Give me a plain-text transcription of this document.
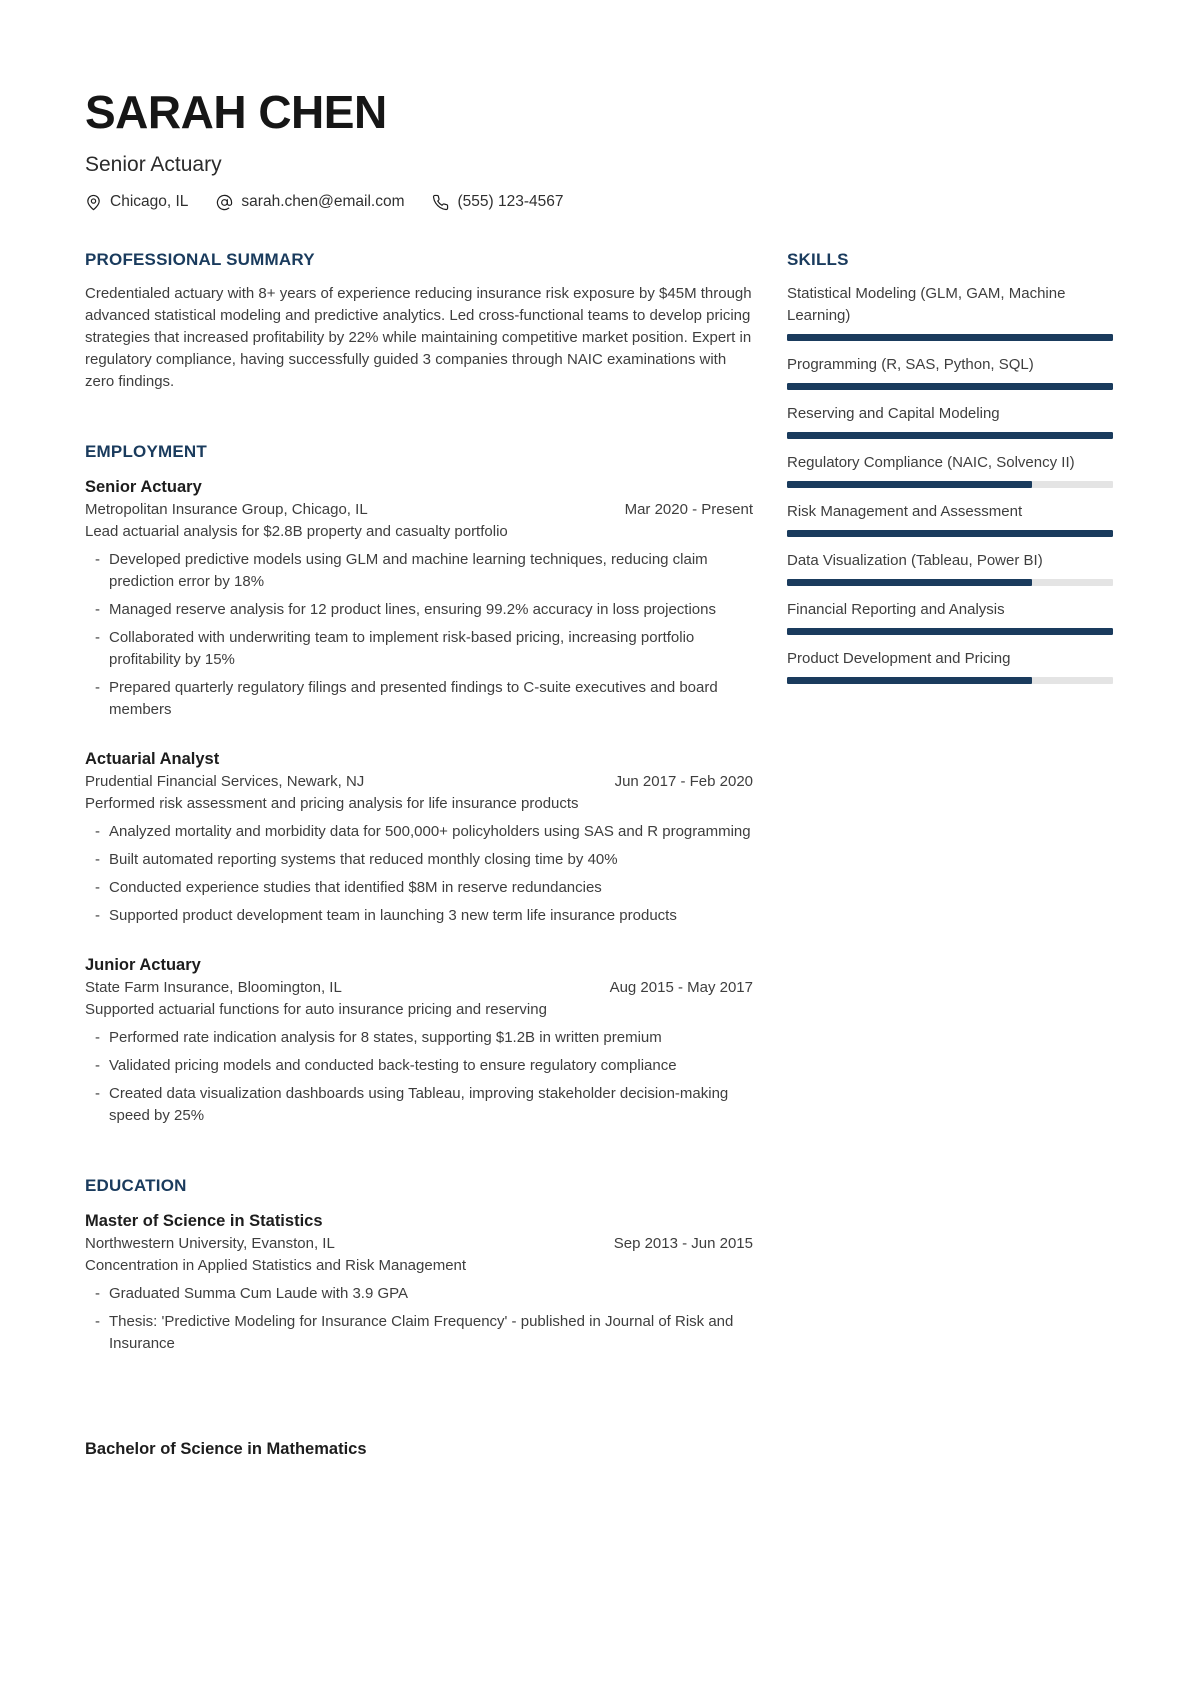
SARAH CHEN
Senior Actuary
Chicago, IL	sarah.chen@email.com	(555) 123-4567
PROFESSIONAL SUMMARY

Credentialed actuary with 8+ years of experience reducing insurance risk exposure by $45M through advanced statistical modeling and predictive analytics. Led cross-functional teams to develop pricing strategies that increased profitability by 22% while maintaining competitive market position. Expert in regulatory compliance, having successfully guided 3 companies through NAIC examinations with zero findings.

EMPLOYMENT
Senior Actuary
Metropolitan Insurance Group, Chicago, IL	Mar 2020 - Present
Lead actuarial analysis for $2.8B property and casualty portfolio
- Developed predictive models using GLM and machine learning techniques, reducing claim prediction error by 18%
- Managed reserve analysis for 12 product lines, ensuring 99.2% accuracy in loss projections
- Collaborated with underwriting team to implement risk-based pricing, increasing portfolio profitability by 15%
- Prepared quarterly regulatory filings and presented findings to C-suite executives and board members
Actuarial Analyst
Prudential Financial Services, Newark, NJ	Jun 2017 - Feb 2020
Performed risk assessment and pricing analysis for life insurance products
- Analyzed mortality and morbidity data for 500,000+ policyholders using SAS and R programming
- Built automated reporting systems that reduced monthly closing time by 40%
- Conducted experience studies that identified $8M in reserve redundancies
- Supported product development team in launching 3 new term life insurance products
Junior Actuary
State Farm Insurance, Bloomington, IL	Aug 2015 - May 2017
Supported actuarial functions for auto insurance pricing and reserving
- Performed rate indication analysis for 8 states, supporting $1.2B in written premium
- Validated pricing models and conducted back-testing to ensure regulatory compliance
- Created data visualization dashboards using Tableau, improving stakeholder decision-making speed by 25%
EDUCATION
Master of Science in Statistics
Northwestern University, Evanston, IL	Sep 2013 - Jun 2015
Concentration in Applied Statistics and Risk Management
- Graduated Summa Cum Laude with 3.9 GPA
- Thesis: 'Predictive Modeling for Insurance Claim Frequency' - published in Journal of Risk and Insurance
Bachelor of Science in Mathematics
SKILLS
Statistical Modeling (GLM, GAM, Machine Learning)
Programming (R, SAS, Python, SQL)
Reserving and Capital Modeling
Regulatory Compliance (NAIC, Solvency II)
Risk Management and Assessment
Data Visualization (Tableau, Power BI)
Financial Reporting and Analysis
Product Development and Pricing
